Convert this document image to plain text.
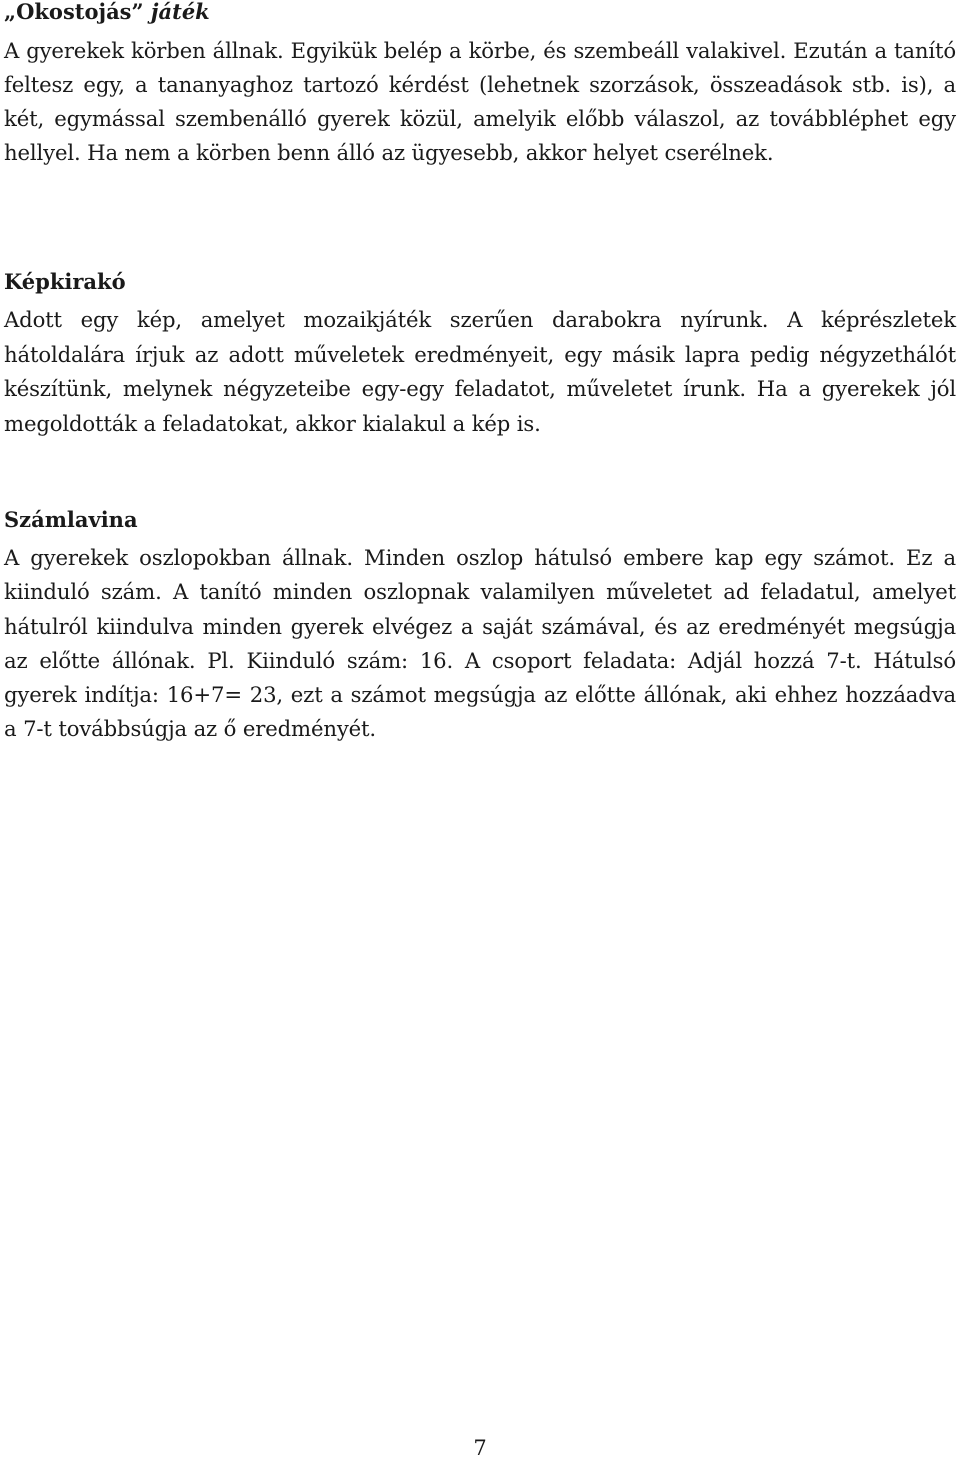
„Okostojás” játék

A gyerekek körben állnak. Egyikük belép a körbe, és szembeáll valakivel. Ezután a tanító feltesz egy, a tananyaghoz tartozó kérdést (lehetnek szorzások, összeadások stb. is), a két, egymással szembenálló gyerek közül, amelyik előbb válaszol, az továbbléphet egy hellyel. Ha nem a körben benn álló az ügyesebb, akkor helyet cserélnek.

Képkirakó

Adott egy kép, amelyet mozaikjáték szerűen darabokra nyírunk. A képrészletek hátoldalára írjuk az adott műveletek eredményeit, egy másik lapra pedig négyzethálót készítünk, melynek négyzeteibe egy-egy feladatot, műveletet írunk. Ha a gyerekek jól megoldották a feladatokat, akkor kialakul a kép is.

Számlavina

A gyerekek oszlopokban állnak. Minden oszlop hátulsó embere kap egy számot. Ez a kiinduló szám. A tanító minden oszlopnak valamilyen műveletet ad feladatul, amelyet hátulról kiindulva minden gyerek elvégez a saját számával, és az eredményét megsúgja az előtte állónak. Pl. Kiinduló szám: 16. A csoport feladata: Adjál hozzá 7-t. Hátulsó gyerek indítja: 16+7= 23, ezt a számot megsúgja az előtte állónak, aki ehhez hozzáadva a 7-t továbbsúgja az ő eredményét.

7
